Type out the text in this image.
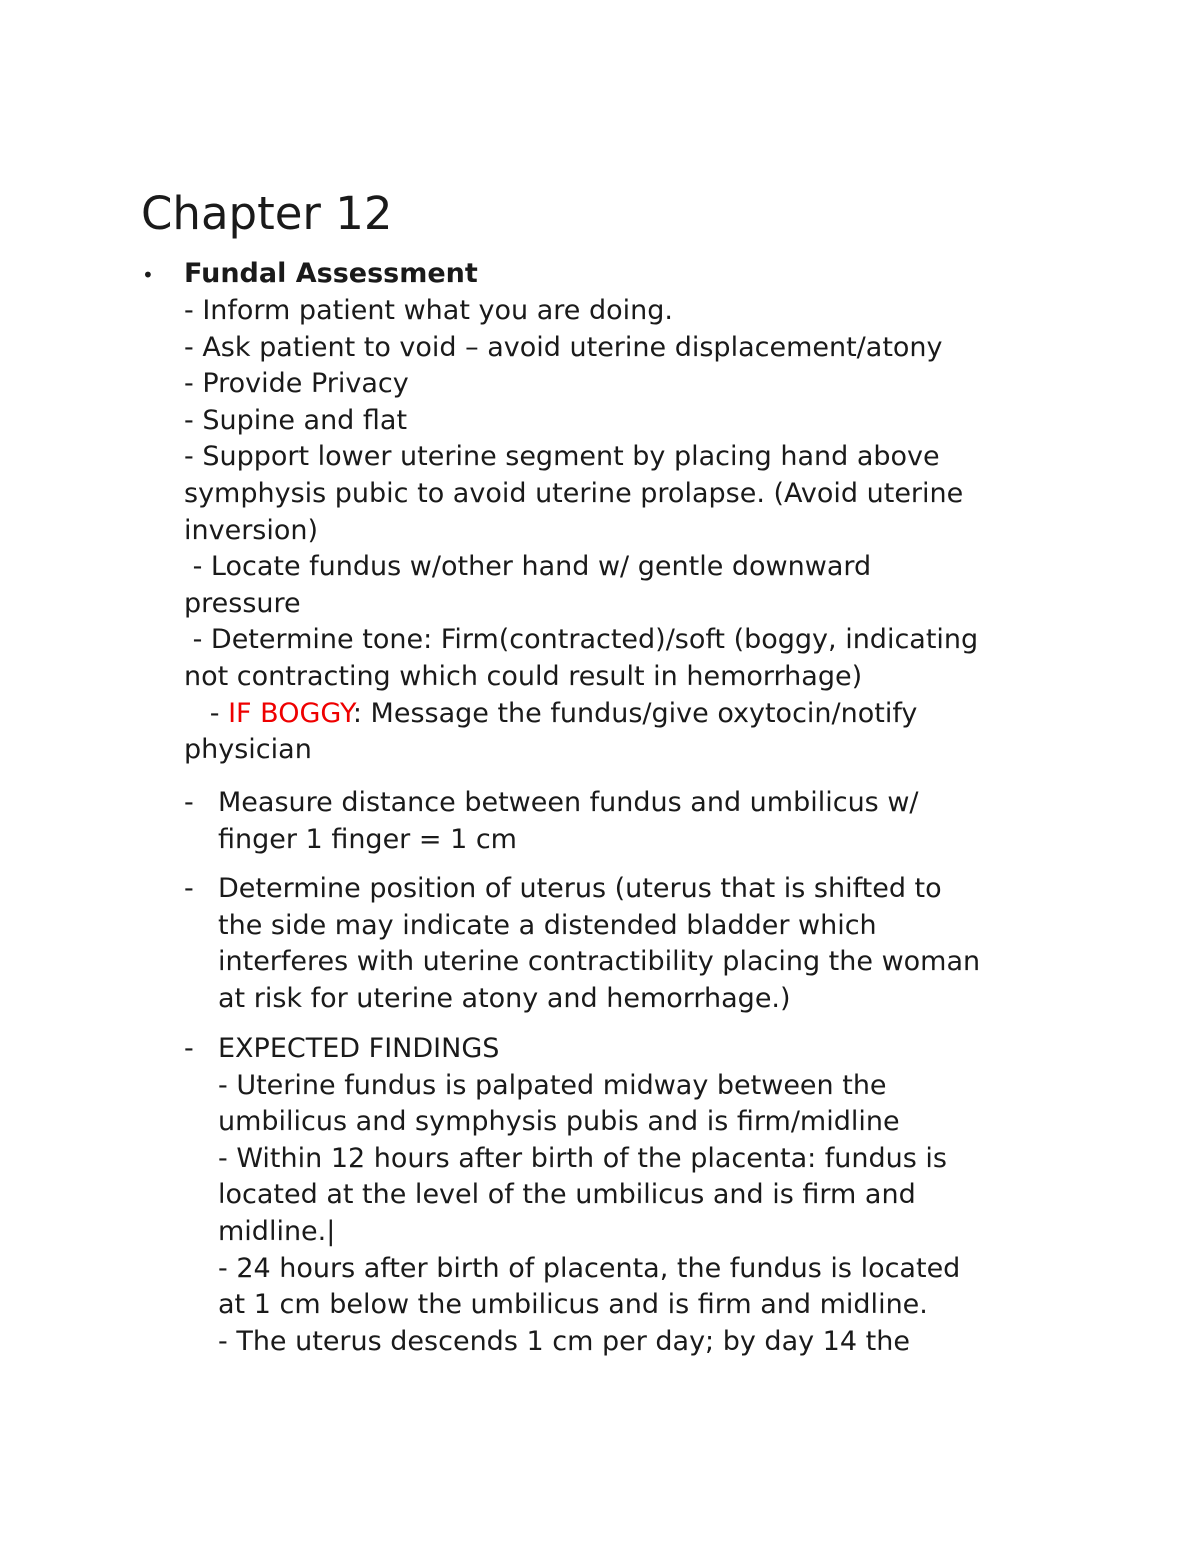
Chapter 12
• Fundal Assessment
- Inform patient what you are doing.
- Ask patient to void – avoid uterine displacement/atony
- Provide Privacy
- Supine and flat
- Support lower uterine segment by placing hand above
symphysis pubic to avoid uterine prolapse. (Avoid uterine
inversion)
- Locate fundus w/other hand w/ gentle downward
pressure
- Determine tone: Firm(contracted)/soft (boggy, indicating
not contracting which could result in hemorrhage)
- IF BOGGY: Message the fundus/give oxytocin/notify
physician
- Measure distance between fundus and umbilicus w/
finger 1 finger = 1 cm
- Determine position of uterus (uterus that is shifted to
the side may indicate a distended bladder which
interferes with uterine contractibility placing the woman
at risk for uterine atony and hemorrhage.)
- EXPECTED FINDINGS
- Uterine fundus is palpated midway between the
umbilicus and symphysis pubis and is firm/midline
- Within 12 hours after birth of the placenta: fundus is
located at the level of the umbilicus and is firm and
midline.|
- 24 hours after birth of placenta, the fundus is located
at 1 cm below the umbilicus and is firm and midline.
- The uterus descends 1 cm per day; by day 14 the
